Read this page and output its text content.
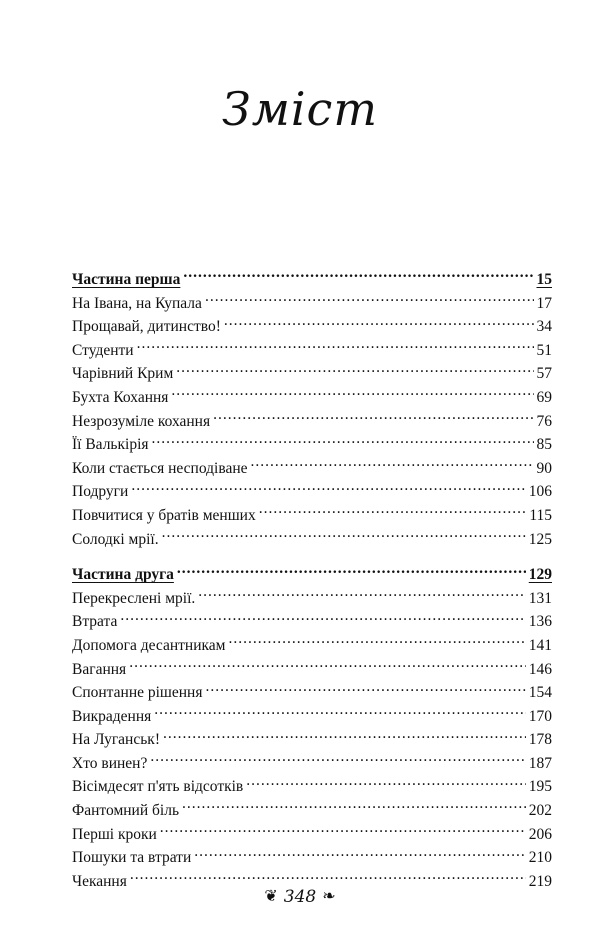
Зміст
Частина перша .....	15
На Івана, на Купала .....	17
Прощавай, дитинство! .....	34
Студенти .....	51
Чарівний Крим .....	57
Бухта Кохання .....	69
Незрозуміле кохання .....	76
Її Валькірія .....	85
Коли стається несподіване .....	90
Подруги .....	106
Повчитися у братів менших .....	115
Солодкі мрії. .....	125
Частина друга .....	129
Перекреслені мрії. .....	131
Втрата .....	136
Допомога десантникам .....	141
Вагання .....	146
Спонтанне рішення .....	154
Викрадення .....	170
На Луганськ! .....	178
Хто винен? .....	187
Вісімдесят п'ять відсотків .....	195
Фантомний біль .....	202
Перші кроки .....	206
Пошуки та втрати .....	210
Чекання .....	219
❦ 348 ❧
